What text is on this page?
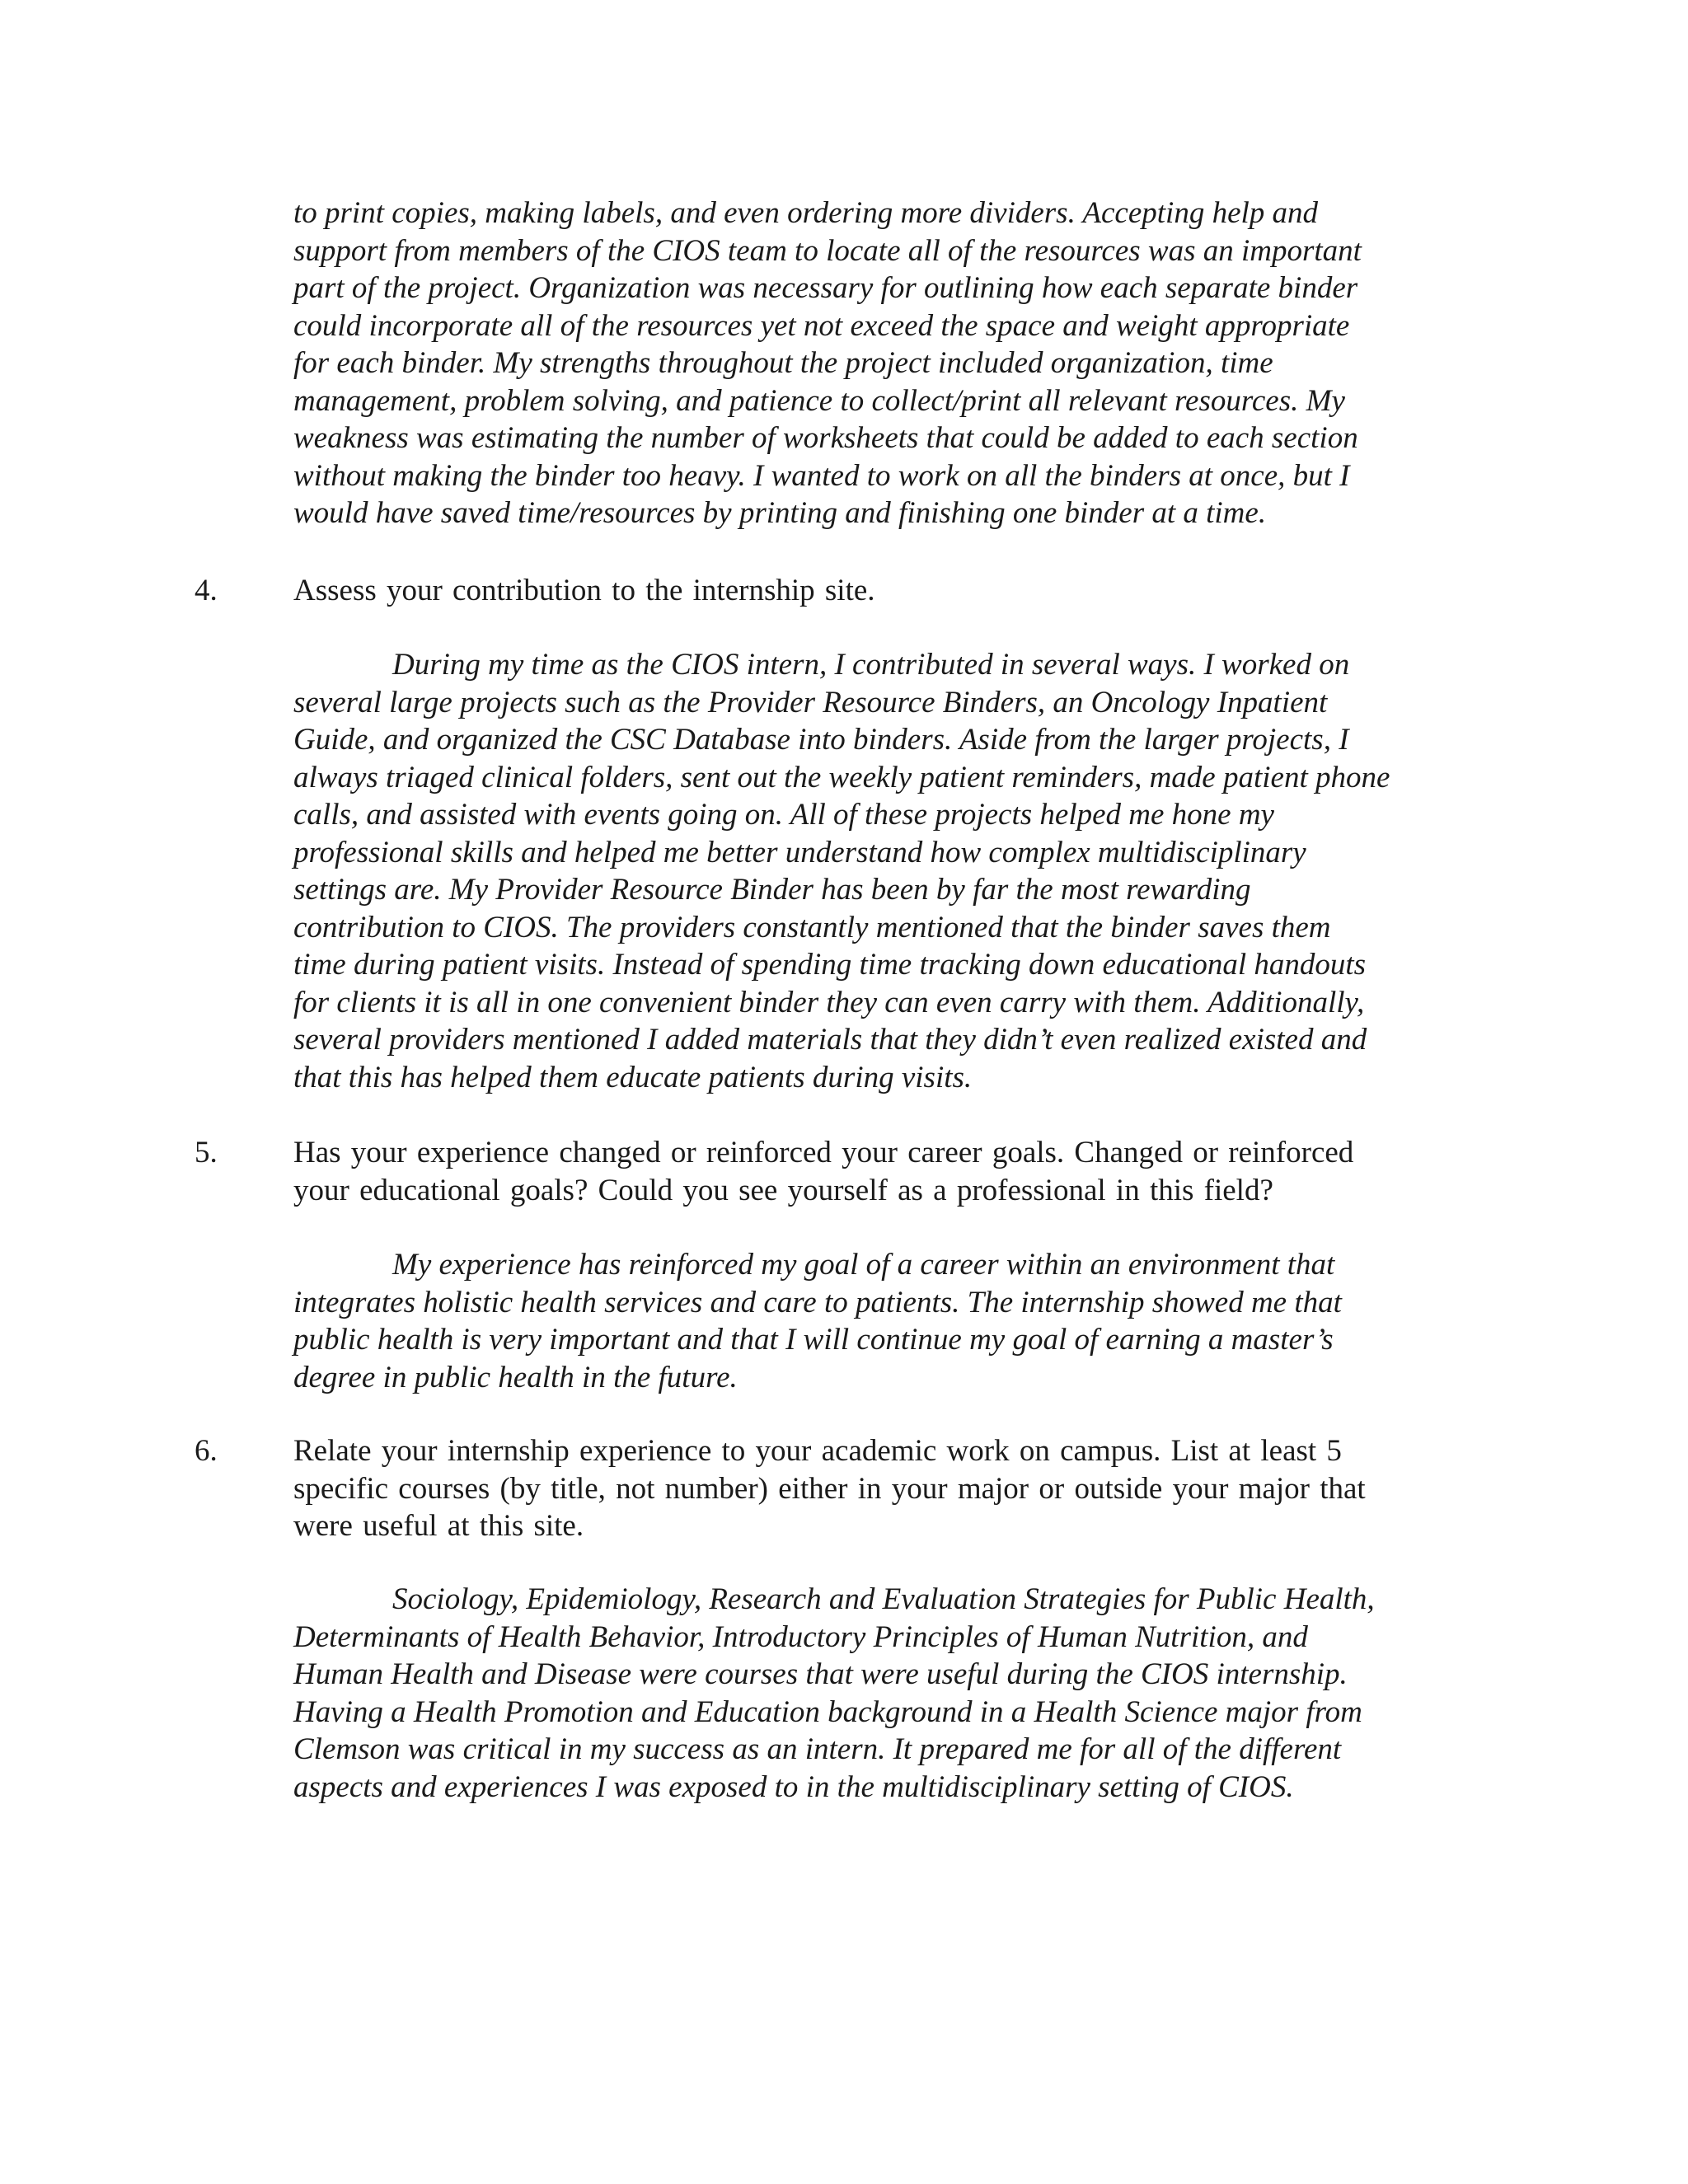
to print copies, making labels, and even ordering more dividers. Accepting help and
support from members of the CIOS team to locate all of the resources was an important
part of the project. Organization was necessary for outlining how each separate binder
could incorporate all of the resources yet not exceed the space and weight appropriate
for each binder. My strengths throughout the project included organization, time
management, problem solving, and patience to collect/print all relevant resources. My
weakness was estimating the number of worksheets that could be added to each section
without making the binder too heavy. I wanted to work on all the binders at once, but I
would have saved time/resources by printing and finishing one binder at a time.

4. Assess your contribution to the internship site.

During my time as the CIOS intern, I contributed in several ways. I worked on
several large projects such as the Provider Resource Binders, an Oncology Inpatient
Guide, and organized the CSC Database into binders. Aside from the larger projects, I
always triaged clinical folders, sent out the weekly patient reminders, made patient phone
calls, and assisted with events going on. All of these projects helped me hone my
professional skills and helped me better understand how complex multidisciplinary
settings are. My Provider Resource Binder has been by far the most rewarding
contribution to CIOS. The providers constantly mentioned that the binder saves them
time during patient visits. Instead of spending time tracking down educational handouts
for clients it is all in one convenient binder they can even carry with them. Additionally,
several providers mentioned I added materials that they didn’t even realized existed and
that this has helped them educate patients during visits.

5. Has your experience changed or reinforced your career goals. Changed or reinforced
your educational goals? Could you see yourself as a professional in this field?

My experience has reinforced my goal of a career within an environment that
integrates holistic health services and care to patients. The internship showed me that
public health is very important and that I will continue my goal of earning a master’s
degree in public health in the future.

6. Relate your internship experience to your academic work on campus. List at least 5
specific courses (by title, not number) either in your major or outside your major that
were useful at this site.

Sociology, Epidemiology, Research and Evaluation Strategies for Public Health,
Determinants of Health Behavior, Introductory Principles of Human Nutrition, and
Human Health and Disease were courses that were useful during the CIOS internship.
Having a Health Promotion and Education background in a Health Science major from
Clemson was critical in my success as an intern. It prepared me for all of the different
aspects and experiences I was exposed to in the multidisciplinary setting of CIOS.
